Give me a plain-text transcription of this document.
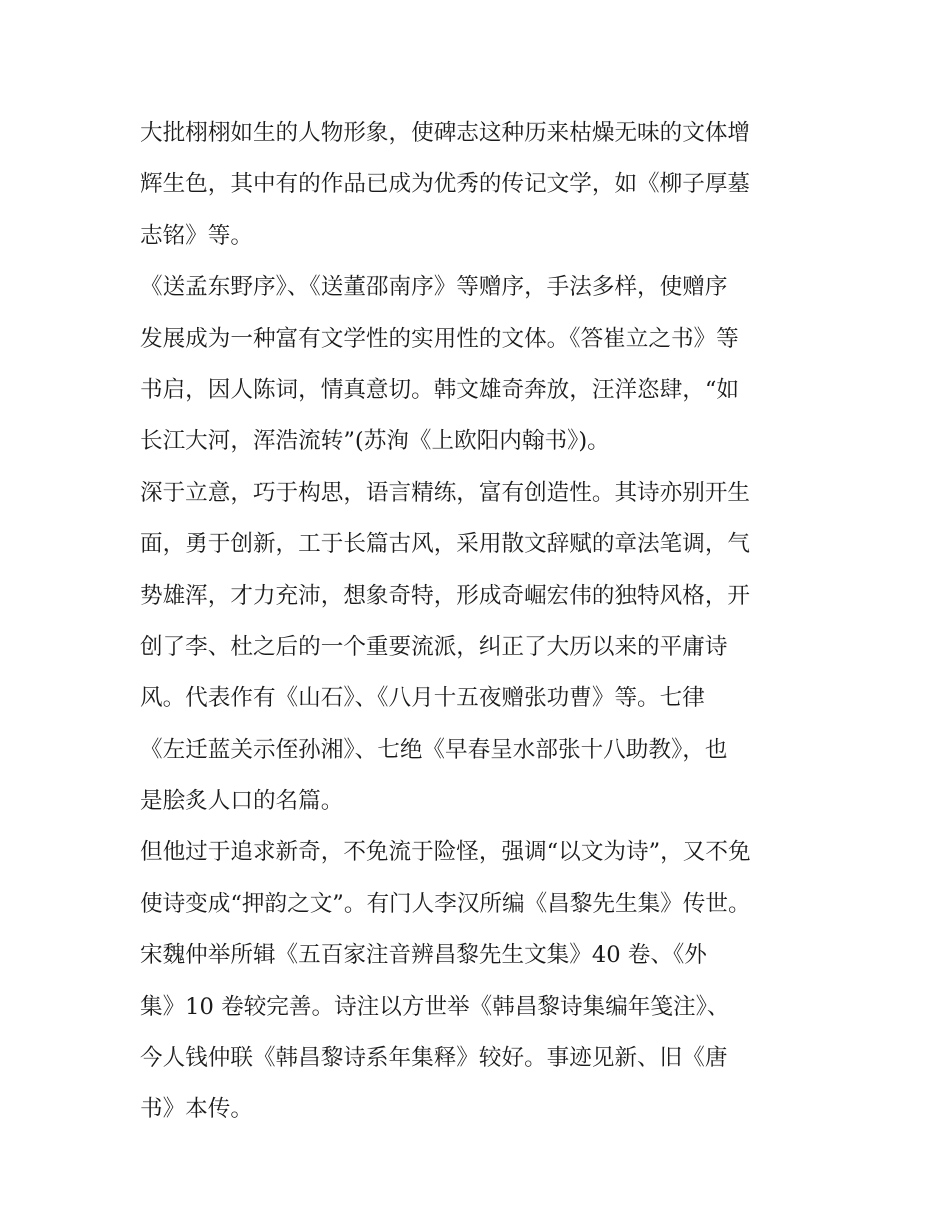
大批栩栩如生的人物形象，使碑志这种历来枯燥无味的文体增
辉生色，其中有的作品已成为优秀的传记文学，如《柳子厚墓
志铭》等。
《送孟东野序》、《送董邵南序》等赠序，手法多样，使赠序
发展成为一种富有文学性的实用性的文体。《答崔立之书》等
书启，因人陈词，情真意切。韩文雄奇奔放，汪洋恣肆，“如
长江大河，浑浩流转”(苏洵《上欧阳内翰书》)。
深于立意，巧于构思，语言精练，富有创造性。其诗亦别开生
面，勇于创新，工于长篇古风，采用散文辞赋的章法笔调，气
势雄浑，才力充沛，想象奇特，形成奇崛宏伟的独特风格，开
创了李、杜之后的一个重要流派，纠正了大历以来的平庸诗
风。代表作有《山石》、《八月十五夜赠张功曹》等。七律
《左迁蓝关示侄孙湘》、七绝《早春呈水部张十八助教》，也
是脍炙人口的名篇。
但他过于追求新奇，不免流于险怪，强调“以文为诗”，又不免
使诗变成“押韵之文”。有门人李汉所编《昌黎先生集》传世。
宋魏仲举所辑《五百家注音辨昌黎先生文集》40 卷、《外
集》10 卷较完善。诗注以方世举《韩昌黎诗集编年笺注》、
今人钱仲联《韩昌黎诗系年集释》较好。事迹见新、旧《唐
书》本传。
